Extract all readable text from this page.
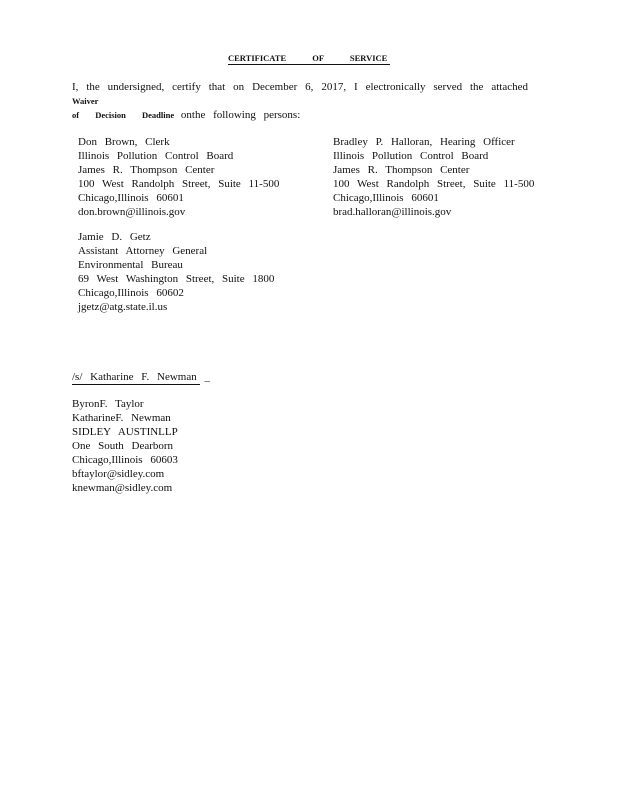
CERTIFICATE OF SERVICE
I, the undersigned, certify that on December 6, 2017, I electronically served the attached Waiver
of Decision Deadline onthe following persons:
Don Brown, Clerk
Illinois Pollution Control Board
James R. Thompson Center
100 West Randolph Street, Suite 11-500
Chicago,Illinois 60601
don.brown@illinois.gov
Bradley P. Halloran, Hearing Officer
Illinois Pollution Control Board
James R. Thompson Center
100 West Randolph Street, Suite 11-500
Chicago,Illinois 60601
brad.halloran@illinois.gov
Jamie D. Getz
Assistant Attorney General
Environmental Bureau
69 West Washington Street, Suite 1800
Chicago,Illinois 60602
jgetz@atg.state.il.us
/s/ Katharine F. Newman _
ByronF. Taylor
KatharineF. Newman
SIDLEY AUSTINLLP
One South Dearborn
Chicago,Illinois 60603
bftaylor@sidley.com
knewman@sidley.com
